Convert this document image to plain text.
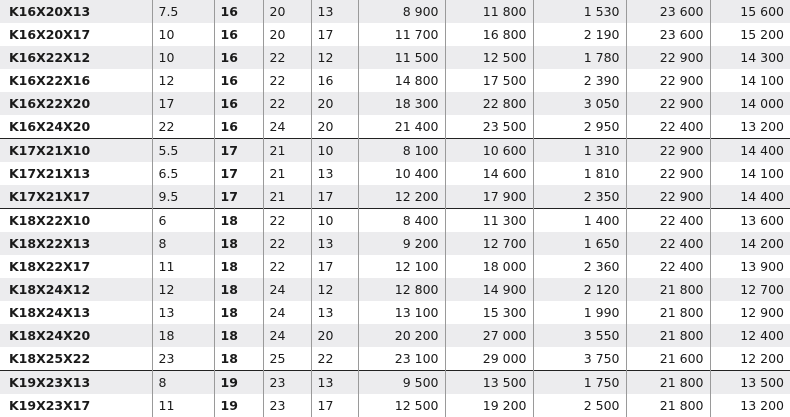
K16X20X13	7.5	16	20	13	8 900	11 800	1 530	23 600	15 600
K16X20X17	10	16	20	17	11 700	16 800	2 190	23 600	15 200
K16X22X12	10	16	22	12	11 500	12 500	1 780	22 900	14 300
K16X22X16	12	16	22	16	14 800	17 500	2 390	22 900	14 100
K16X22X20	17	16	22	20	18 300	22 800	3 050	22 900	14 000
K16X24X20	22	16	24	20	21 400	23 500	2 950	22 400	13 200
K17X21X10	5.5	17	21	10	8 100	10 600	1 310	22 900	14 400
K17X21X13	6.5	17	21	13	10 400	14 600	1 810	22 900	14 100
K17X21X17	9.5	17	21	17	12 200	17 900	2 350	22 900	14 400
K18X22X10	6	18	22	10	8 400	11 300	1 400	22 400	13 600
K18X22X13	8	18	22	13	9 200	12 700	1 650	22 400	14 200
K18X22X17	11	18	22	17	12 100	18 000	2 360	22 400	13 900
K18X24X12	12	18	24	12	12 800	14 900	2 120	21 800	12 700
K18X24X13	13	18	24	13	13 100	15 300	1 990	21 800	12 900
K18X24X20	18	18	24	20	20 200	27 000	3 550	21 800	12 400
K18X25X22	23	18	25	22	23 100	29 000	3 750	21 600	12 200
K19X23X13	8	19	23	13	9 500	13 500	1 750	21 800	13 500
K19X23X17	11	19	23	17	12 500	19 200	2 500	21 800	13 200
